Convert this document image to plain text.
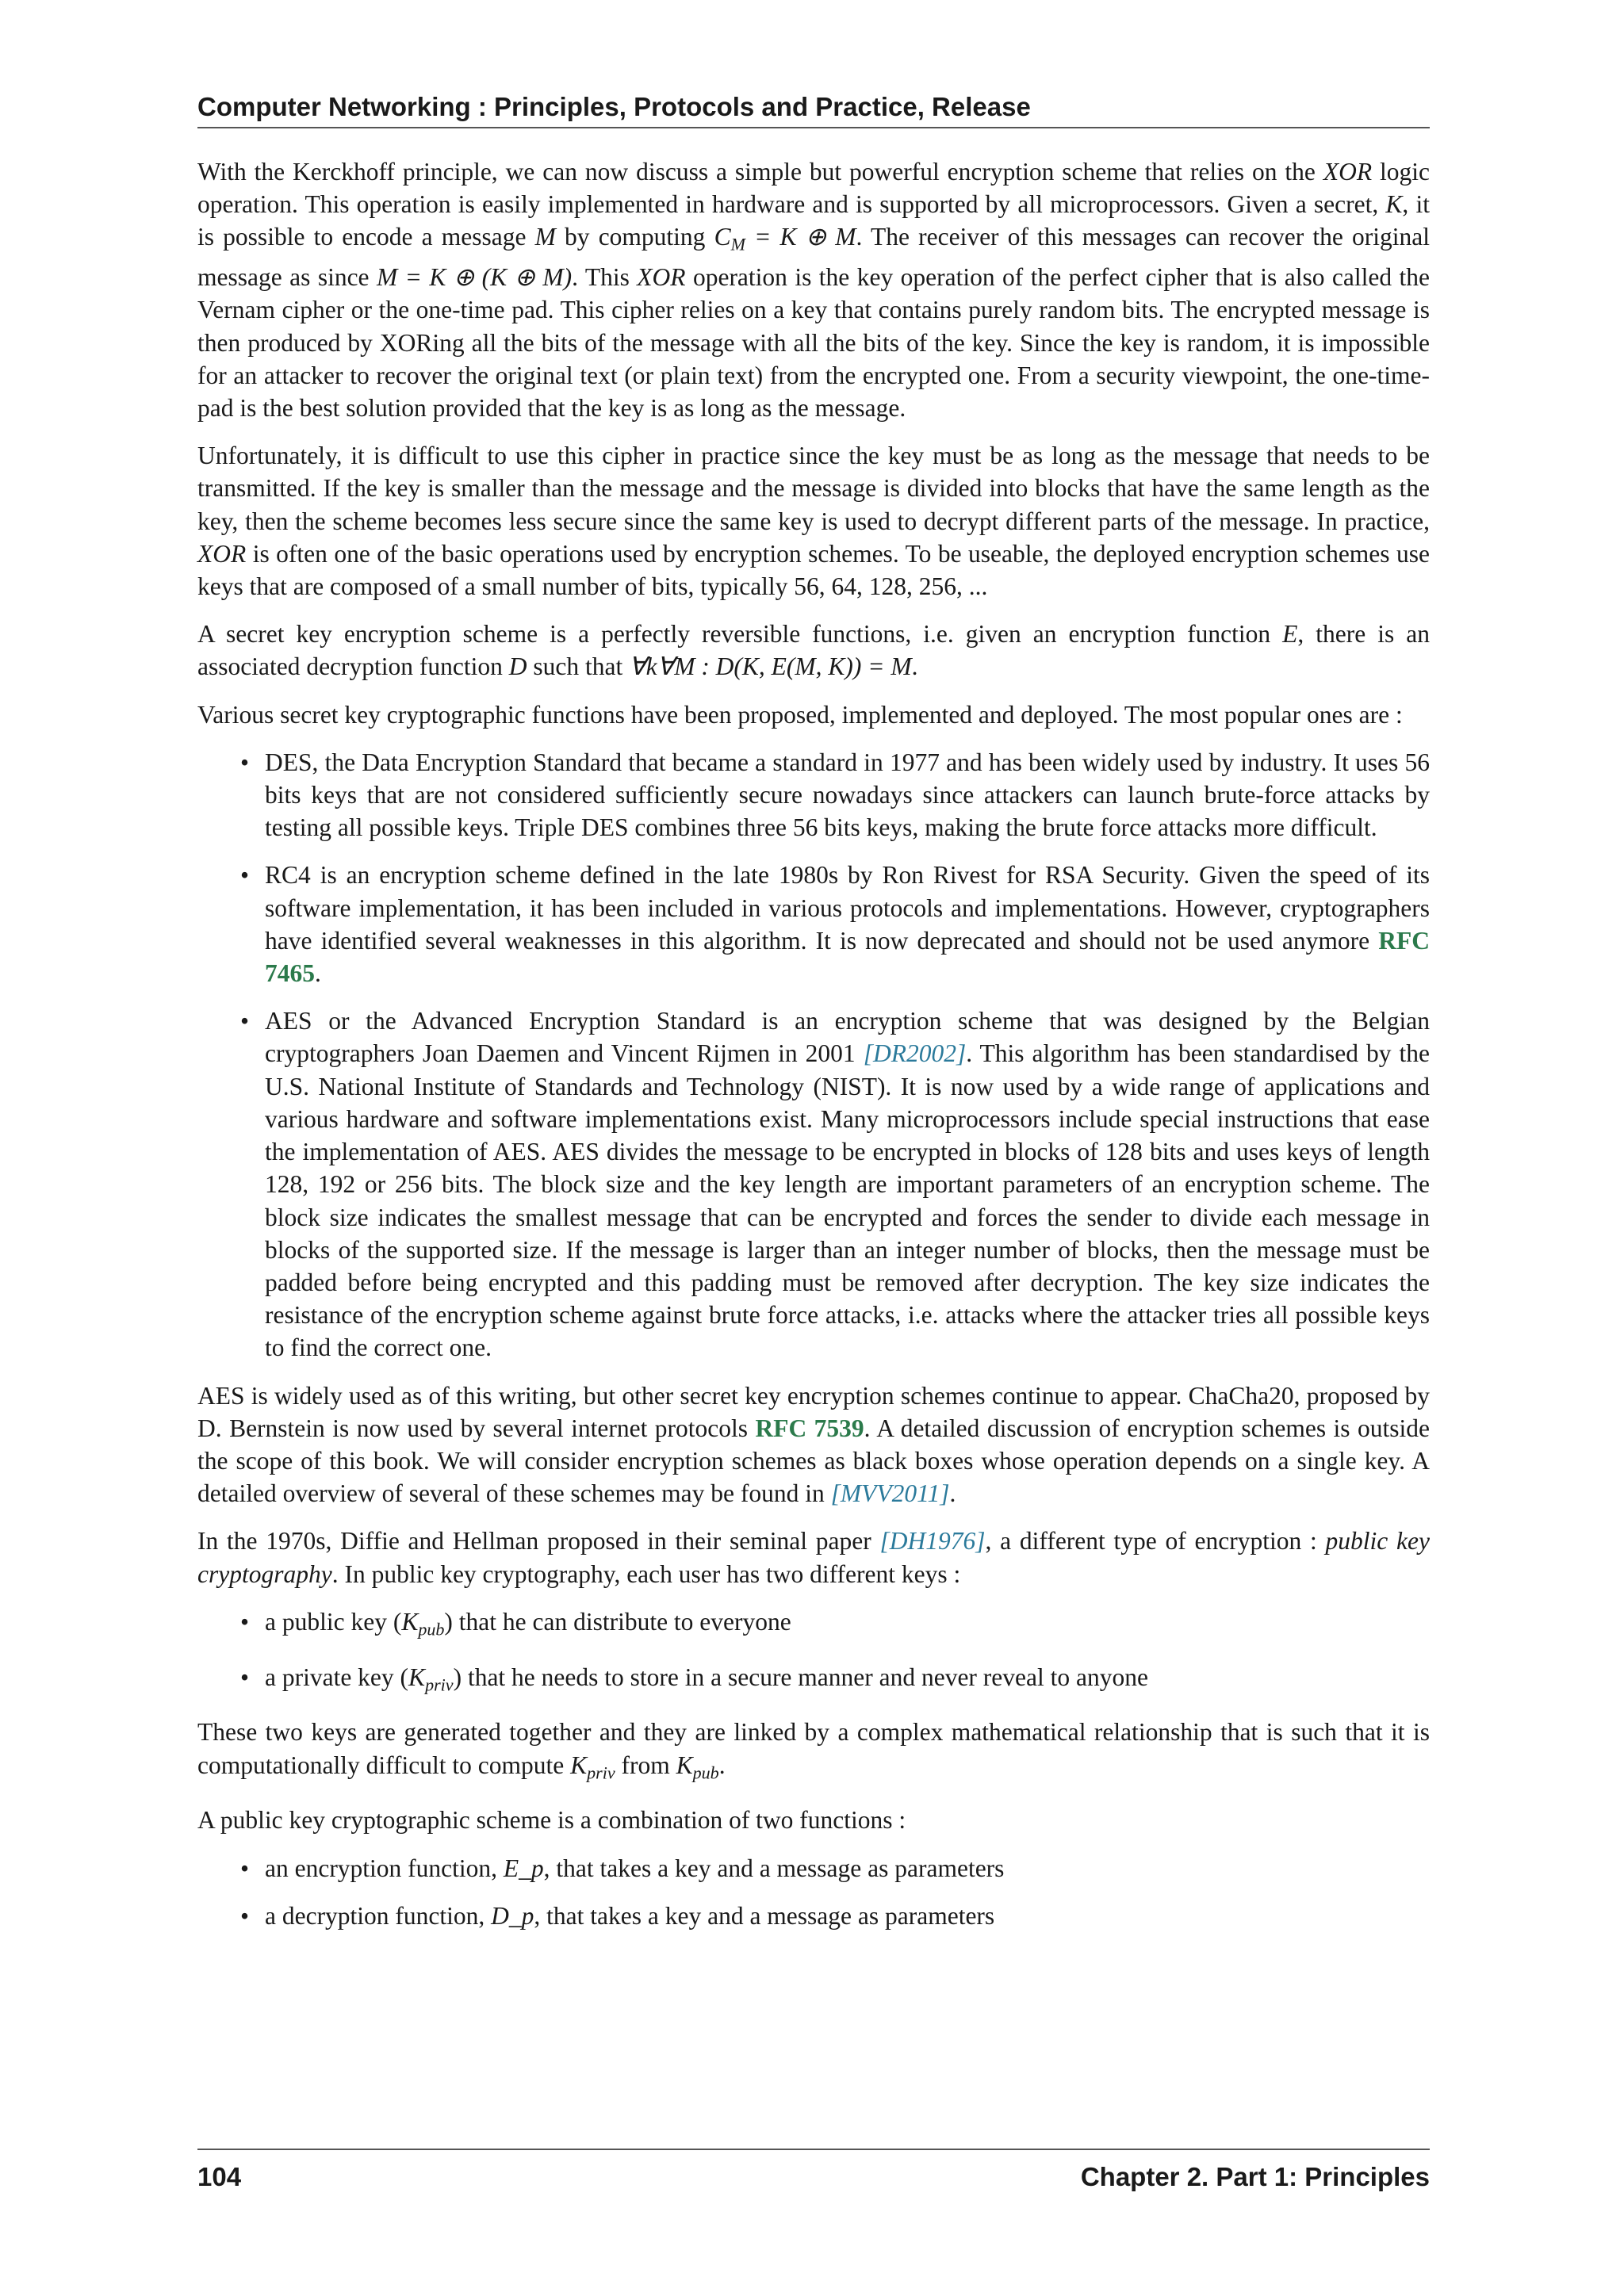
Computer Networking : Principles, Protocols and Practice, Release

With the Kerckhoff principle, we can now discuss a simple but powerful encryption scheme that relies on the XOR logic operation. This operation is easily implemented in hardware and is supported by all microprocessors. Given a secret, K, it is possible to encode a message M by computing $C_M = K$ ⊕ M. The receiver of this messages can recover the original message as since M = K ⊕ (K ⊕ M). This XOR operation is the key operation of the perfect cipher that is also called the Vernam cipher or the one-time pad. This cipher relies on a key that contains purely random bits. The encrypted message is then produced by XORing all the bits of the message with all the bits of the key. Since the key is random, it is impossible for an attacker to recover the original text (or plain text) from the encrypted one. From a security viewpoint, the one-time-pad is the best solution provided that the key is as long as the message.

Unfortunately, it is difficult to use this cipher in practice since the key must be as long as the message that needs to be transmitted. If the key is smaller than the message and the message is divided into blocks that have the same length as the key, then the scheme becomes less secure since the same key is used to decrypt different parts of the message. In practice, XOR is often one of the basic operations used by encryption schemes. To be useable, the deployed encryption schemes use keys that are composed of a small number of bits, typically 56, 64, 128, 256, ...

A secret key encryption scheme is a perfectly reversible functions, i.e. given an encryption function E, there is an associated decryption function D such that ∀k∀M : D(K, E(M, K)) = M.

Various secret key cryptographic functions have been proposed, implemented and deployed. The most popular ones are :

• DES, the Data Encryption Standard that became a standard in 1977 and has been widely used by industry. It uses 56 bits keys that are not considered sufficiently secure nowadays since attackers can launch brute-force attacks by testing all possible keys. Triple DES combines three 56 bits keys, making the brute force attacks more difficult.
• RC4 is an encryption scheme defined in the late 1980s by Ron Rivest for RSA Security. Given the speed of its software implementation, it has been included in various protocols and implementations. However, cryptographers have identified several weaknesses in this algorithm. It is now deprecated and should not be used anymore RFC 7465.
• AES or the Advanced Encryption Standard is an encryption scheme that was designed by the Belgian cryptographers Joan Daemen and Vincent Rijmen in 2001 [DR2002]. This algorithm has been standardised by the U.S. National Institute of Standards and Technology (NIST). It is now used by a wide range of applications and various hardware and software implementations exist. Many microprocessors include special instructions that ease the implementation of AES. AES divides the message to be encrypted in blocks of 128 bits and uses keys of length 128, 192 or 256 bits. The block size and the key length are important parameters of an encryption scheme. The block size indicates the smallest message that can be encrypted and forces the sender to divide each message in blocks of the supported size. If the message is larger than an integer number of blocks, then the message must be padded before being encrypted and this padding must be removed after decryption. The key size indicates the resistance of the encryption scheme against brute force attacks, i.e. attacks where the attacker tries all possible keys to find the correct one.

AES is widely used as of this writing, but other secret key encryption schemes continue to appear. ChaCha20, proposed by D. Bernstein is now used by several internet protocols RFC 7539. A detailed discussion of encryption schemes is outside the scope of this book. We will consider encryption schemes as black boxes whose operation depends on a single key. A detailed overview of several of these schemes may be found in [MVV2011].

In the 1970s, Diffie and Hellman proposed in their seminal paper [DH1976], a different type of encryption : public key cryptography. In public key cryptography, each user has two different keys :

• a public key $(K_{pub})$ that he can distribute to everyone
• a private key $(K_{priv})$ that he needs to store in a secure manner and never reveal to anyone

These two keys are generated together and they are linked by a complex mathematical relationship that is such that it is computationally difficult to compute $K_{priv}$ from $K_{pub}$.

A public key cryptographic scheme is a combination of two functions :

• an encryption function, E_p, that takes a key and a message as parameters
• a decryption function, D_p, that takes a key and a message as parameters
104	Chapter 2. Part 1: Principles
